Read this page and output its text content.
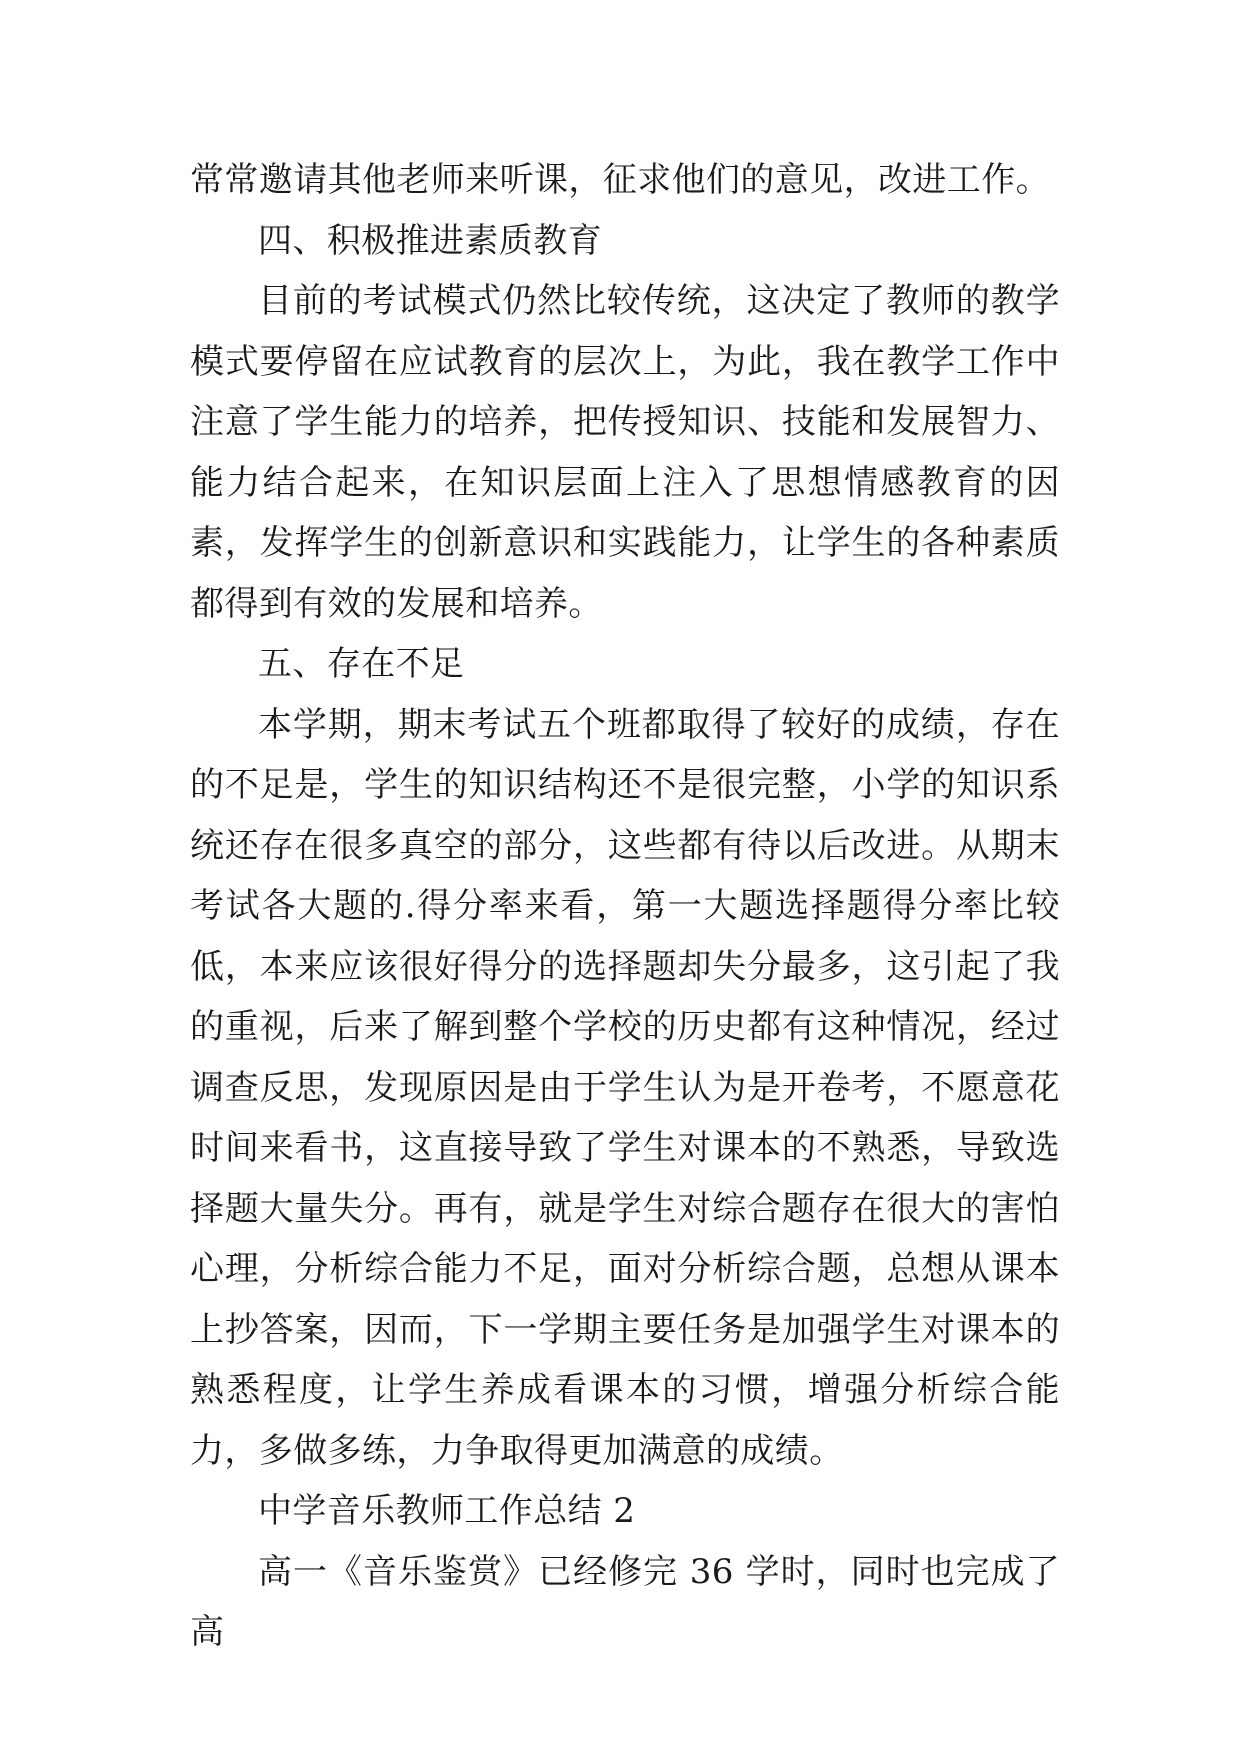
常常邀请其他老师来听课，征求他们的意见，改进工作。

四、积极推进素质教育

目前的考试模式仍然比较传统，这决定了教师的教学模式要停留在应试教育的层次上，为此，我在教学工作中注意了学生能力的培养，把传授知识、技能和发展智力、能力结合起来，在知识层面上注入了思想情感教育的因素，发挥学生的创新意识和实践能力，让学生的各种素质都得到有效的发展和培养。

五、存在不足

本学期，期末考试五个班都取得了较好的成绩，存在的不足是，学生的知识结构还不是很完整，小学的知识系统还存在很多真空的部分，这些都有待以后改进。从期末考试各大题的.得分率来看，第一大题选择题得分率比较低，本来应该很好得分的选择题却失分最多，这引起了我的重视，后来了解到整个学校的历史都有这种情况，经过调查反思，发现原因是由于学生认为是开卷考，不愿意花时间来看书，这直接导致了学生对课本的不熟悉，导致选择题大量失分。再有，就是学生对综合题存在很大的害怕心理，分析综合能力不足，面对分析综合题，总想从课本上抄答案，因而，下一学期主要任务是加强学生对课本的熟悉程度，让学生养成看课本的习惯，增强分析综合能力，多做多练，力争取得更加满意的成绩。

中学音乐教师工作总结 2

高一《音乐鉴赏》已经修完 36 学时，同时也完成了高
